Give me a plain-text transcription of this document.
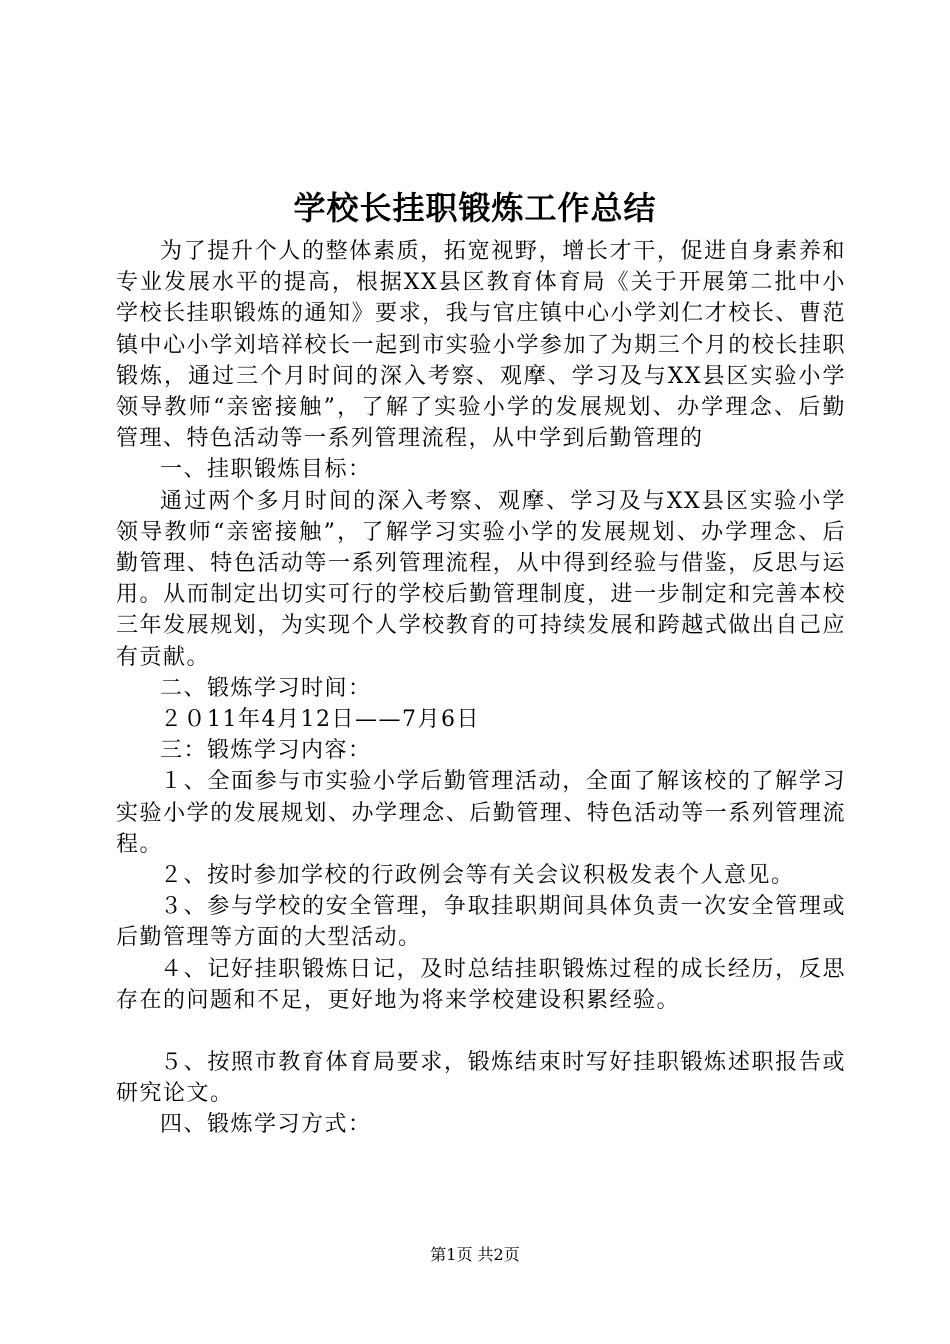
学校长挂职锻炼工作总结

为了提升个人的整体素质，拓宽视野，增长才干，促进自身素养和专业发展水平的提高，根据XX县区教育体育局《关于开展第二批中小学校长挂职锻炼的通知》要求，我与官庄镇中心小学刘仁才校长、曹范镇中心小学刘培祥校长一起到市实验小学参加了为期三个月的校长挂职锻炼，通过三个月时间的深入考察、观摩、学习及与XX县区实验小学领导教师“亲密接触”，了解了实验小学的发展规划、办学理念、后勤管理、特色活动等一系列管理流程，从中学到后勤管理的

一、挂职锻炼目标：

通过两个多月时间的深入考察、观摩、学习及与XX县区实验小学领导教师“亲密接触”，了解学习实验小学的发展规划、办学理念、后勤管理、特色活动等一系列管理流程，从中得到经验与借鉴，反思与运用。从而制定出切实可行的学校后勤管理制度，进一步制定和完善本校三年发展规划，为实现个人学校教育的可持续发展和跨越式做出自己应有贡献。

二、锻炼学习时间：

２０11年4月12日——7月6日

三：锻炼学习内容：

１、全面参与市实验小学后勤管理活动，全面了解该校的了解学习实验小学的发展规划、办学理念、后勤管理、特色活动等一系列管理流程。

２、按时参加学校的行政例会等有关会议积极发表个人意见。

３、参与学校的安全管理，争取挂职期间具体负责一次安全管理或后勤管理等方面的大型活动。

４、记好挂职锻炼日记，及时总结挂职锻炼过程的成长经历，反思存在的问题和不足，更好地为将来学校建设积累经验。

５、按照市教育体育局要求，锻炼结束时写好挂职锻炼述职报告或研究论文。

四、锻炼学习方式：

第1页 共2页
